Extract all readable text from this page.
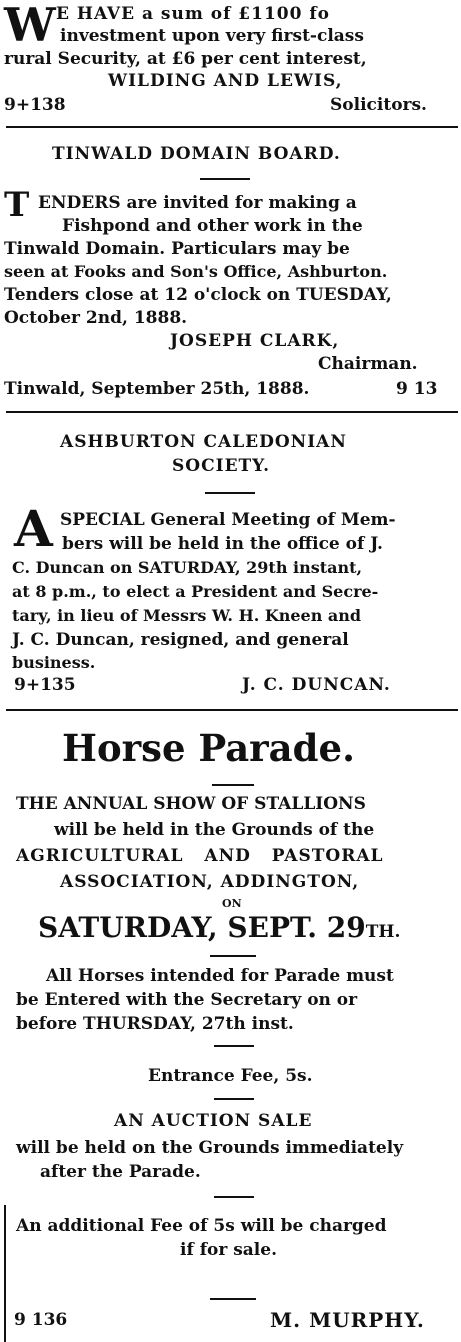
W E HAVE a sum of £1100 fo
investment upon very first-class
rural Security, at £6 per cent interest,
WILDING AND LEWIS,
9+138	Solicitors.
TINWALD DOMAIN BOARD.
T ENDERS are invited for making a
Fishpond and other work in the
Tinwald Domain. Particulars may be
seen at Fooks and Son's Office, Ashburton.
Tenders close at 12 o'clock on TUESDAY,
October 2nd, 1888.
JOSEPH CLARK,
Chairman.
Tinwald, September 25th, 1888.	9 13
ASHBURTON CALEDONIAN
SOCIETY.
A SPECIAL General Meeting of Mem-
bers will be held in the office of J.
C. Duncan on SATURDAY, 29th instant,
at 8 p.m., to elect a President and Secre-
tary, in lieu of Messrs W. H. Kneen and
J. C. Duncan, resigned, and general
business.
9+135	J. C. DUNCAN.
Horse Parade.
THE ANNUAL SHOW OF STALLIONS
will be held in the Grounds of the
AGRICULTURAL AND PASTORAL
ASSOCIATION, ADDINGTON,
ON
SATURDAY, SEPT. 29TH.
All Horses intended for Parade must
be Entered with the Secretary on or
before THURSDAY, 27th inst.
Entrance Fee, 5s.
AN AUCTION SALE
will be held on the Grounds immediately
after the Parade.
An additional Fee of 5s will be charged
if for sale.
9 136	M. MURPHY.
